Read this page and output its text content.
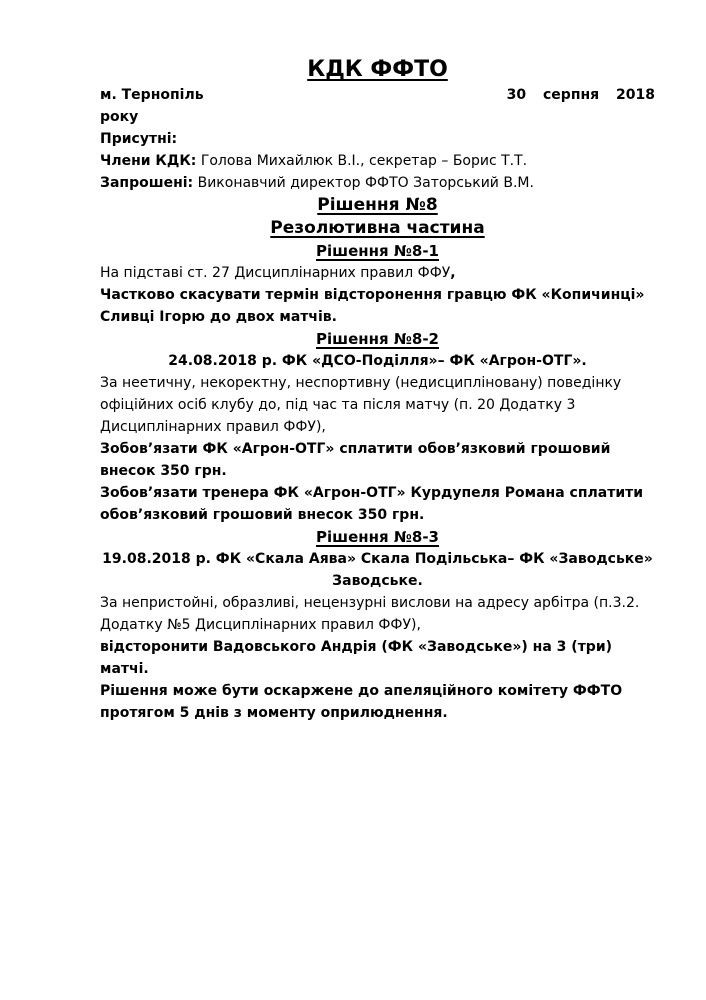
КДК ФФТО
м. Тернопіль	30 серпня 2018
року

Присутні:

Члени КДК: Голова Михайлюк В.І., секретар – Борис Т.Т.

Запрошені: Виконавчий директор ФФТО Заторський В.М.

Рішення №8
Резолютивна частина
Рішення №8-1

На підставі ст. 27 Дисциплінарних правил ФФУ,

Частково скасувати термін відсторонення гравцю ФК «Копичинці» Сливці Ігорю до двох матчів.

Рішення №8-2

24.08.2018 р. ФК «ДСО-Поділля»– ФК «Агрон-ОТГ».

За неетичну, некоректну, неспортивну (недисципліновану) поведінку офіційних осіб клубу до, під час та після матчу (п. 20 Додатку 3 Дисциплінарних правил ФФУ),

Зобов’язати ФК «Агрон-ОТГ» сплатити обов’язковий грошовий внесок 350 грн.

Зобов’язати тренера ФК «Агрон-ОТГ» Курдупеля Романа сплатити обов’язковий грошовий внесок 350 грн.

Рішення №8-3

19.08.2018 р. ФК «Скала Аява» Скала Подільська– ФК «Заводське» Заводське.

За непристойні, образливі, нецензурні вислови на адресу арбітра (п.3.2. Додатку №5 Дисциплінарних правил ФФУ),

відсторонити Вадовського Андрія (ФК «Заводське») на 3 (три) матчі.

Рішення може бути оскаржене до апеляційного комітету ФФТО протягом 5 днів з моменту оприлюднення.
